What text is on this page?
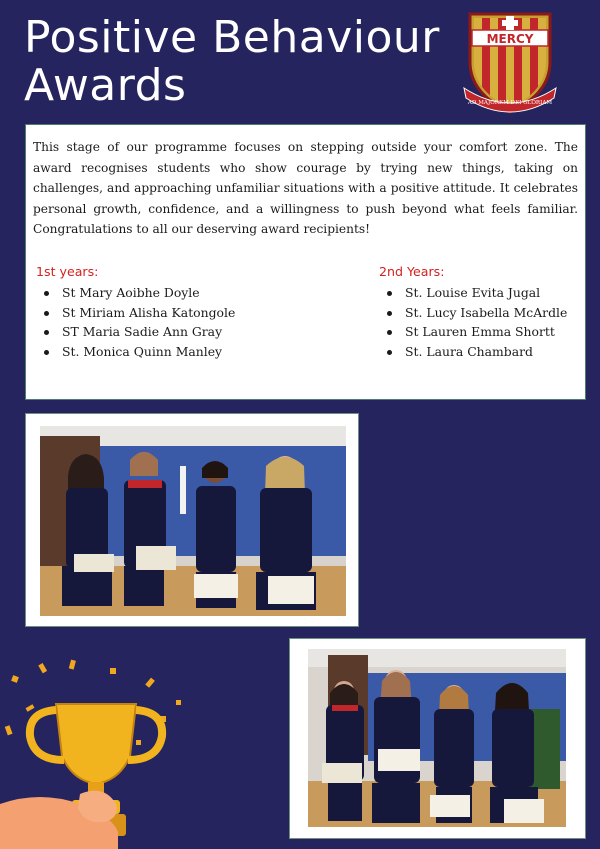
Positive Behaviour
Awards
MERCY
AD MAJOREM DEI GLORIAM

This stage of our programme focuses on stepping outside your comfort zone. The award recognises students who show courage by trying new things, taking on challenges, and approaching unfamiliar situations with a positive attitude. It celebrates personal growth, confidence, and a willingness to push beyond what feels familiar. Congratulations to all our deserving award recipients!

1st years:

St Mary Aoibhe Doyle
St Miriam Alisha Katongole
ST Maria Sadie Ann Gray
St. Monica Quinn Manley

2nd Years:

St. Louise Evita Jugal
St. Lucy Isabella McArdle
St Lauren Emma Shortt
St. Laura Chambard
